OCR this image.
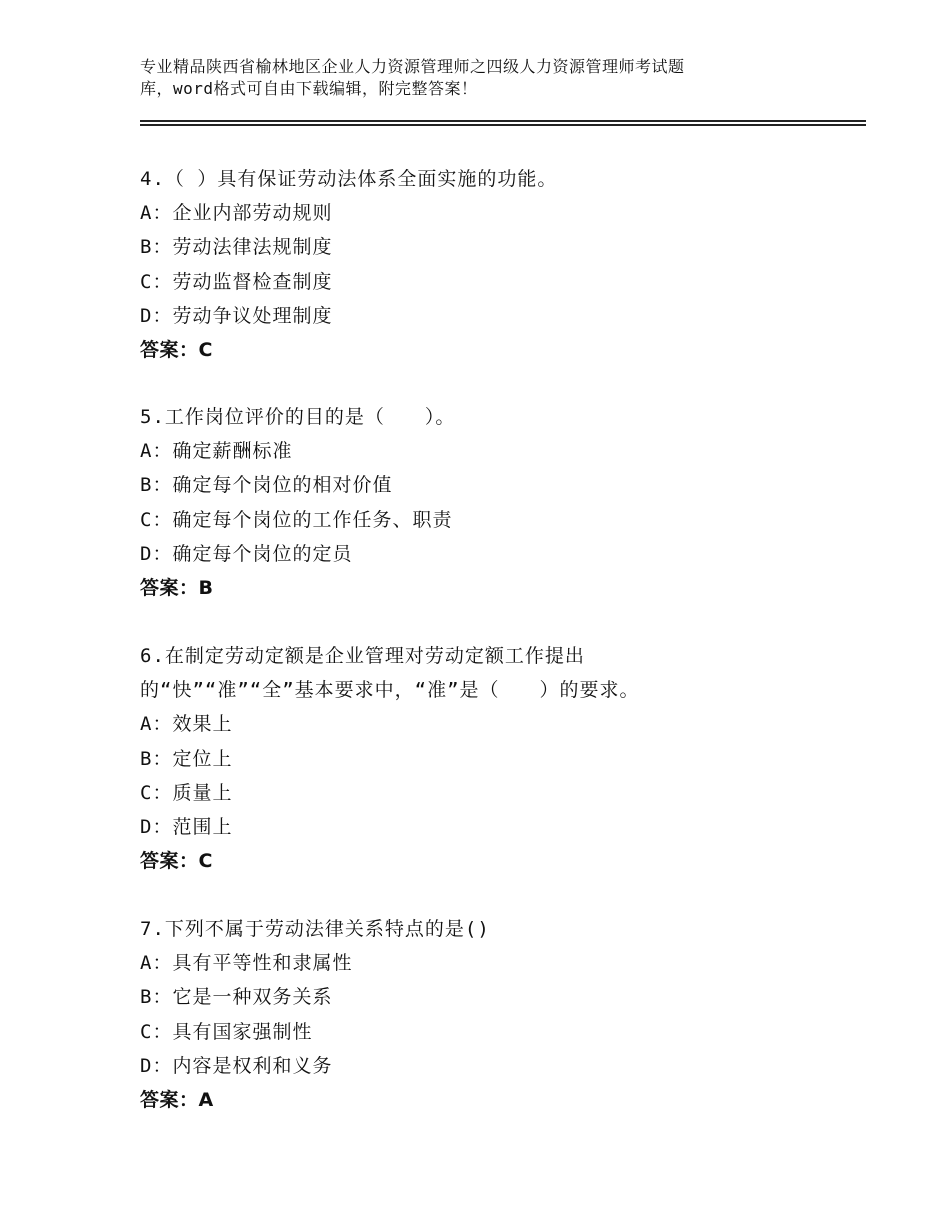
专业精品陕西省榆林地区企业人力资源管理师之四级人力资源管理师考试题
库，word格式可自由下载编辑，附完整答案！
4.（ ）具有保证劳动法体系全面实施的功能。
A：企业内部劳动规则
B：劳动法律法规制度
C：劳动监督检查制度
D：劳动争议处理制度
答案：C
5.工作岗位评价的目的是（　　）。
A：确定薪酬标准
B：确定每个岗位的相对价值
C：确定每个岗位的工作任务、职责
D：确定每个岗位的定员
答案：B
6.在制定劳动定额是企业管理对劳动定额工作提出
的“快”“准”“全”基本要求中，“准”是（　　）的要求。
A：效果上
B：定位上
C：质量上
D：范围上
答案：C
7.下列不属于劳动法律关系特点的是()
A：具有平等性和隶属性
B：它是一种双务关系
C：具有国家强制性
D：内容是权利和义务
答案：A
